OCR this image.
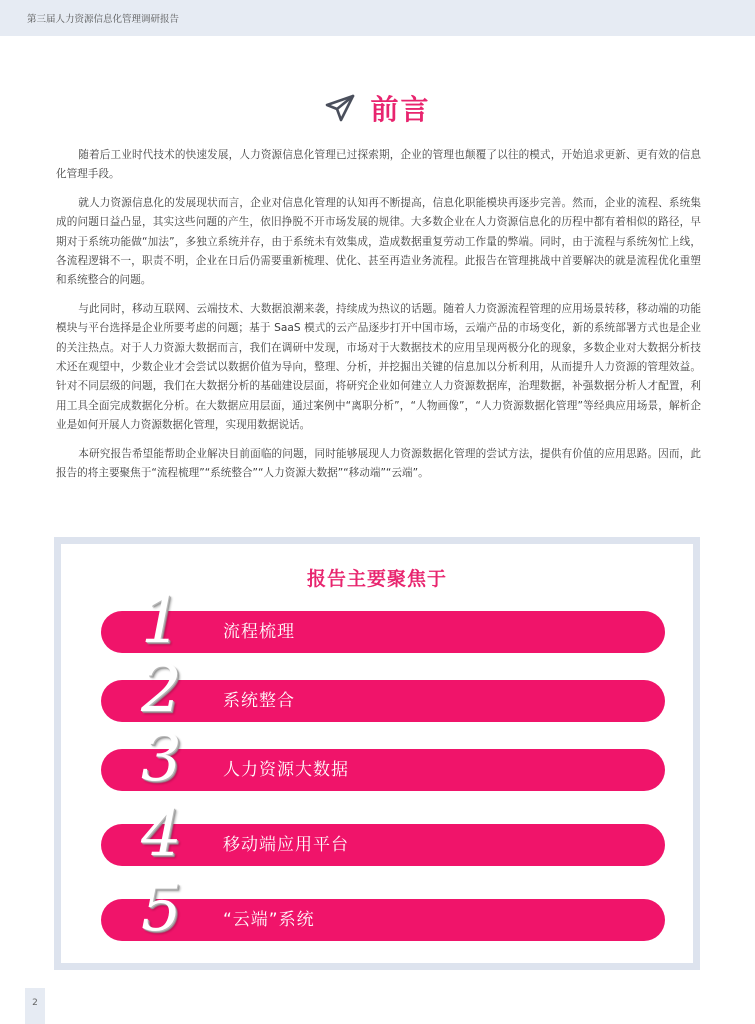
第三届人力资源信息化管理调研报告
前言

随着后工业时代技术的快速发展，人力资源信息化管理已过探索期，企业的管理也颠覆了以往的模式，开始追求更新、更有效的信息化管理手段。

就人力资源信息化的发展现状而言，企业对信息化管理的认知再不断提高，信息化职能模块再逐步完善。然而，企业的流程、系统集成的问题日益凸显，其实这些问题的产生，依旧挣脱不开市场发展的规律。大多数企业在人力资源信息化的历程中都有着相似的路径，早期对于系统功能做“加法”，多独立系统并存，由于系统未有效集成，造成数据重复劳动工作量的弊端。同时，由于流程与系统匆忙上线，各流程逻辑不一，职责不明，企业在日后仍需要重新梳理、优化、甚至再造业务流程。此报告在管理挑战中首要解决的就是流程优化重塑和系统整合的问题。

与此同时，移动互联网、云端技术、大数据浪潮来袭，持续成为热议的话题。随着人力资源流程管理的应用场景转移，移动端的功能模块与平台选择是企业所要考虑的问题；基于 SaaS 模式的云产品逐步打开中国市场，云端产品的市场变化，新的系统部署方式也是企业的关注热点。对于人力资源大数据而言，我们在调研中发现，市场对于大数据技术的应用呈现两极分化的现象，多数企业对大数据分析技术还在观望中，少数企业才会尝试以数据价值为导向，整理、分析，并挖掘出关键的信息加以分析利用，从而提升人力资源的管理效益。针对不同层级的问题，我们在大数据分析的基础建设层面，将研究企业如何建立人力资源数据库，治理数据，补强数据分析人才配置，利用工具全面完成数据化分析。在大数据应用层面，通过案例中“离职分析”，“人物画像”，“人力资源数据化管理”等经典应用场景，解析企业是如何开展人力资源数据化管理，实现用数据说话。

本研究报告希望能帮助企业解决目前面临的问题，同时能够展现人力资源数据化管理的尝试方法，提供有价值的应用思路。因而，此报告的将主要聚焦于“流程梳理”“系统整合”“人力资源大数据”“移动端”“云端”。

报告主要聚焦于
1 流程梳理
2 系统整合
3 人力资源大数据
4 移动端应用平台
5 “云端”系统
2
